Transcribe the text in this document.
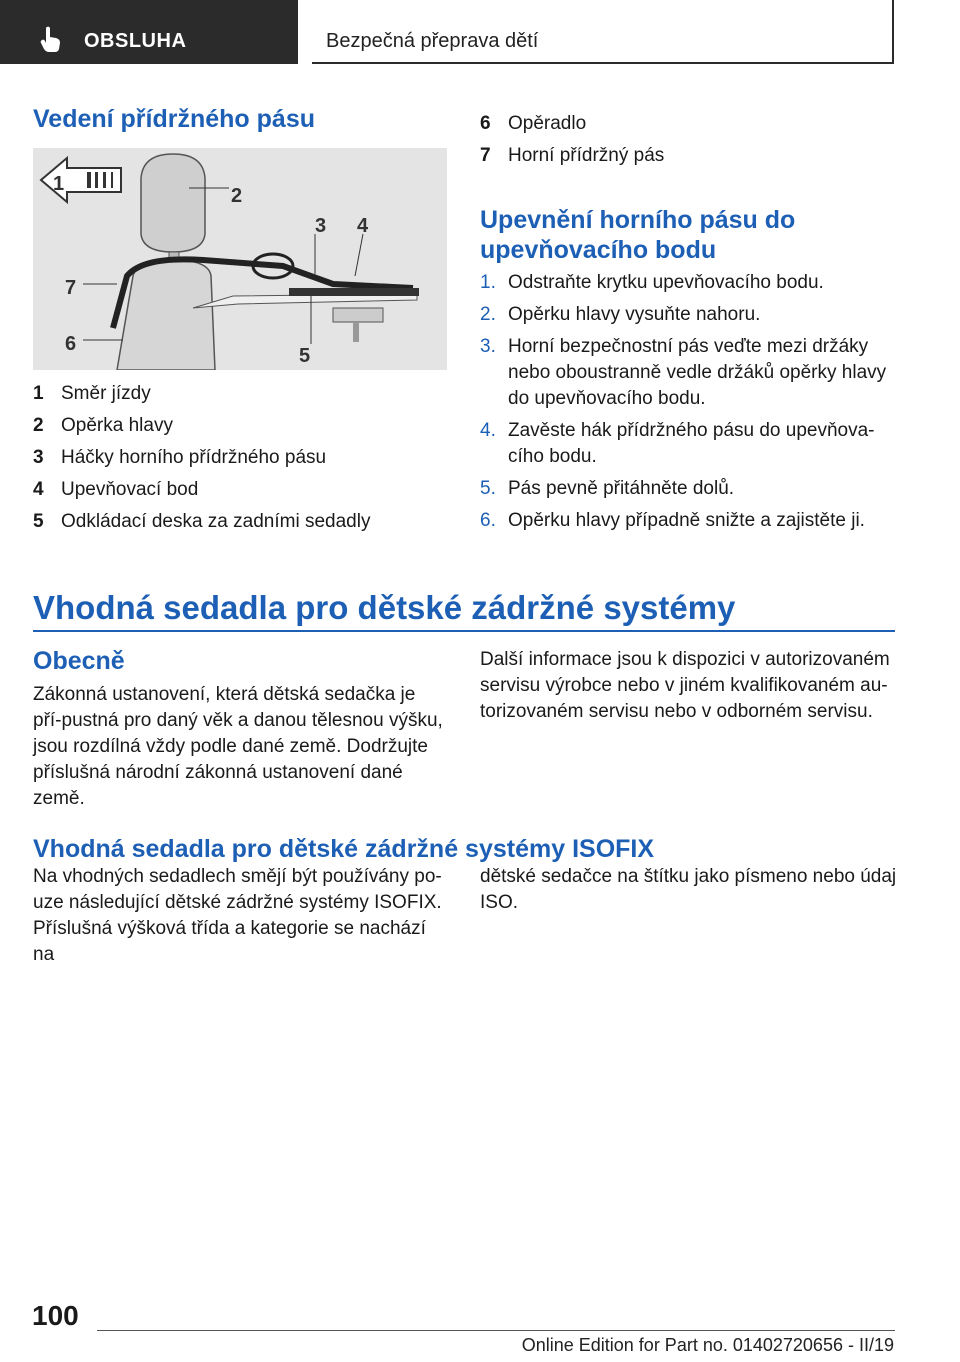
OBSLUHA	Bezpečná přeprava dětí
Vedení přídržného pásu
1
2
3 4
5
6
7
1 Směr jízdy
2 Opěrka hlavy
3 Háčky horního přídržného pásu
4 Upevňovací bod
5 Odkládací deska za zadními sedadly
6 Opěradlo
7 Horní přídržný pás
Upevnění horního pásu do
upevňovacího bodu
1. Odstraňte krytku upevňovacího bodu.
2. Opěrku hlavy vysuňte nahoru.
3. Horní bezpečnostní pás veďte mezi držáky nebo oboustranně vedle držáků opěrky hlavy do upevňovacího bodu.
4. Zavěste hák přídržného pásu do upevňova-cího bodu.
5. Pás pevně přitáhněte dolů.
6. Opěrku hlavy případně snižte a zajistěte ji.
Vhodná sedadla pro dětské zádržné systémy
Obecně

Zákonná ustanovení, která dětská sedačka je pří-pustná pro daný věk a danou tělesnou výšku, jsou rozdílná vždy podle dané země. Dodržujte příslušná národní zákonná ustanovení dané země.

Další informace jsou k dispozici v autorizovaném servisu výrobce nebo v jiném kvalifikovaném au-torizovaném servisu nebo v odborném servisu.

Vhodná sedadla pro dětské zádržné systémy ISOFIX

Na vhodných sedadlech smějí být používány po-uze následující dětské zádržné systémy ISOFIX. Příslušná výšková třída a kategorie se nachází na

dětské sedačce na štítku jako písmeno nebo údaj ISO.

100
Online Edition for Part no. 01402720656 - II/19
